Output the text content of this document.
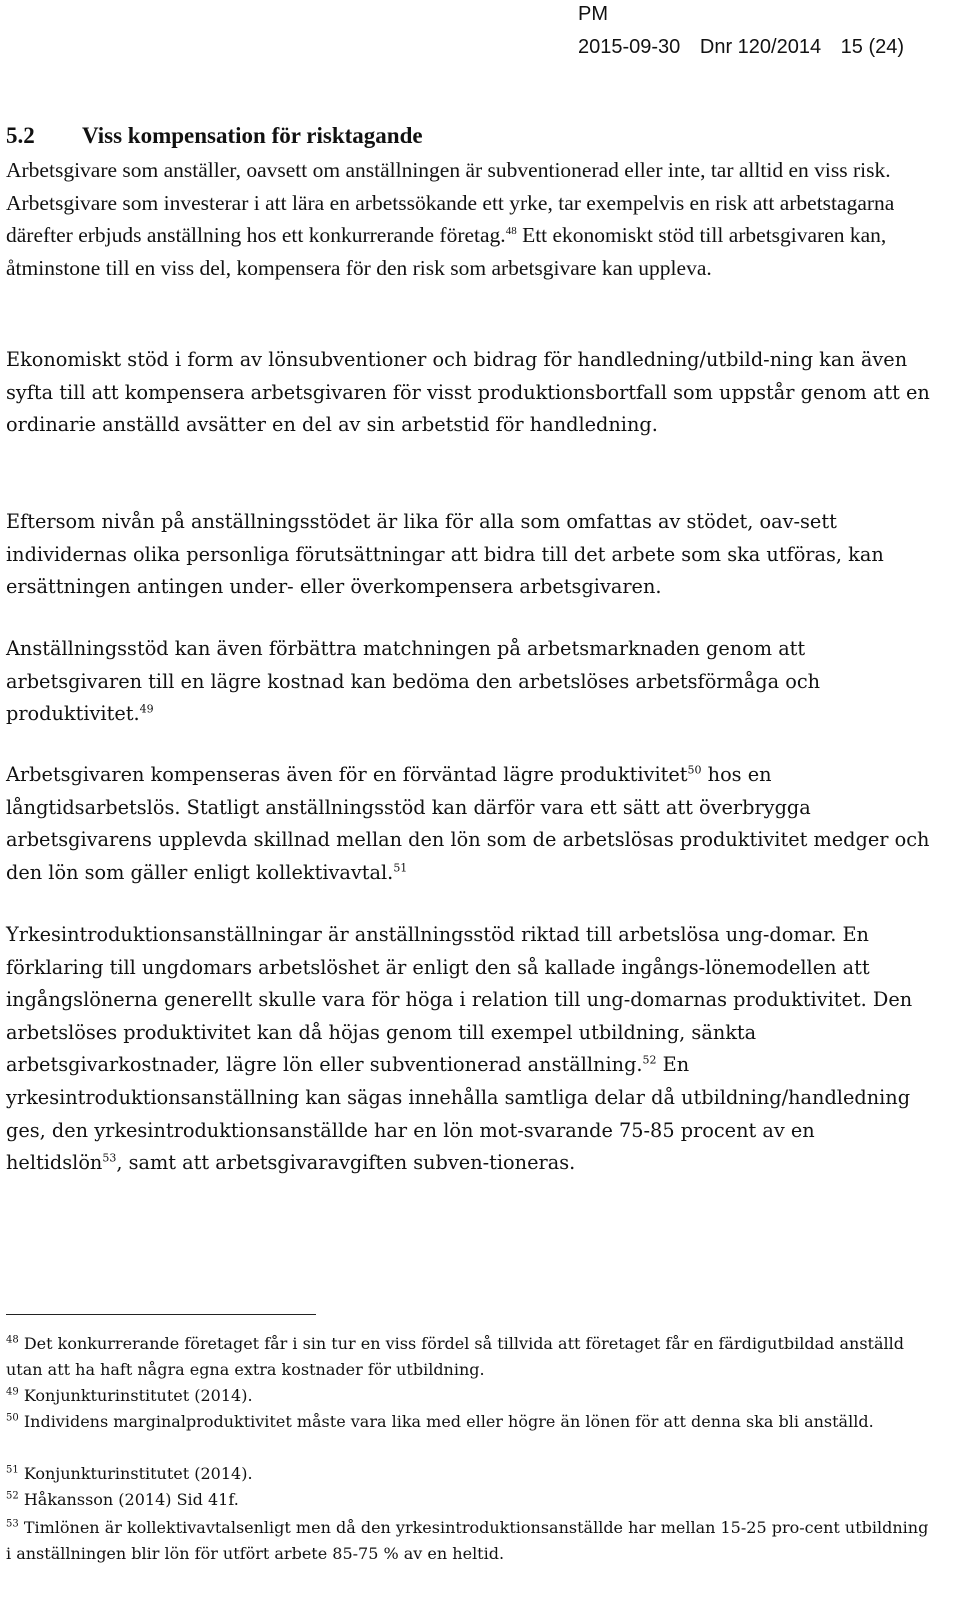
PM
2015-09-30 Dnr 120/2014 15 (24)
5.2 Viss kompensation för risktagande

Arbetsgivare som anställer, oavsett om anställningen är subventionerad eller inte, tar alltid en viss risk. Arbetsgivare som investerar i att lära en arbetssökande ett yrke, tar exempelvis en risk att arbetstagarna därefter erbjuds anställning hos ett konkurrerande företag.$^{48}$ Ett ekonomiskt stöd till arbetsgivaren kan, åtminstone till en viss del, kompensera för den risk som arbetsgivare kan uppleva.

Ekonomiskt stöd i form av lönsubventioner och bidrag för handledning/utbild-ning kan även syfta till att kompensera arbetsgivaren för visst produktionsbortfall som uppstår genom att en ordinarie anställd avsätter en del av sin arbetstid för handledning.

Eftersom nivån på anställningsstödet är lika för alla som omfattas av stödet, oav-sett individernas olika personliga förutsättningar att bidra till det arbete som ska utföras, kan ersättningen antingen under- eller överkompensera arbetsgivaren.

Anställningsstöd kan även förbättra matchningen på arbetsmarknaden genom att arbetsgivaren till en lägre kostnad kan bedöma den arbetslöses arbetsförmåga och produktivitet.$^{49}$

Arbetsgivaren kompenseras även för en förväntad lägre produktivitet$^{50}$ hos en långtidsarbetslös. Statligt anställningsstöd kan därför vara ett sätt att överbrygga arbetsgivarens upplevda skillnad mellan den lön som de arbetslösas produktivitet medger och den lön som gäller enligt kollektivavtal.$^{51}$

Yrkesintroduktionsanställningar är anställningsstöd riktad till arbetslösa ung-domar. En förklaring till ungdomars arbetslöshet är enligt den så kallade ingångs-lönemodellen att ingångslönerna generellt skulle vara för höga i relation till ung-domarnas produktivitet. Den arbetslöses produktivitet kan då höjas genom till exempel utbildning, sänkta arbetsgivarkostnader, lägre lön eller subventionerad anställning.$^{52}$ En yrkesintroduktionsanställning kan sägas innehålla samtliga delar då utbildning/handledning ges, den yrkesintroduktionsanställde har en lön mot-svarande 75-85 procent av en heltidslön$^{53}$, samt att arbetsgivaravgiften subven-tioneras.

$^{48}$ Det konkurrerande företaget får i sin tur en viss fördel så tillvida att företaget får en färdigutbildad anställd utan att ha haft några egna extra kostnader för utbildning.

$^{49}$ Konjunkturinstitutet (2014).

$^{50}$ Individens marginalproduktivitet måste vara lika med eller högre än lönen för att denna ska bli anställd.

$^{51}$ Konjunkturinstitutet (2014).

$^{52}$ Håkansson (2014) Sid 41f.

$^{53}$ Timlönen är kollektivavtalsenligt men då den yrkesintroduktionsanställde har mellan 15-25 pro-cent utbildning i anställningen blir lön för utfört arbete 85-75 % av en heltid.
